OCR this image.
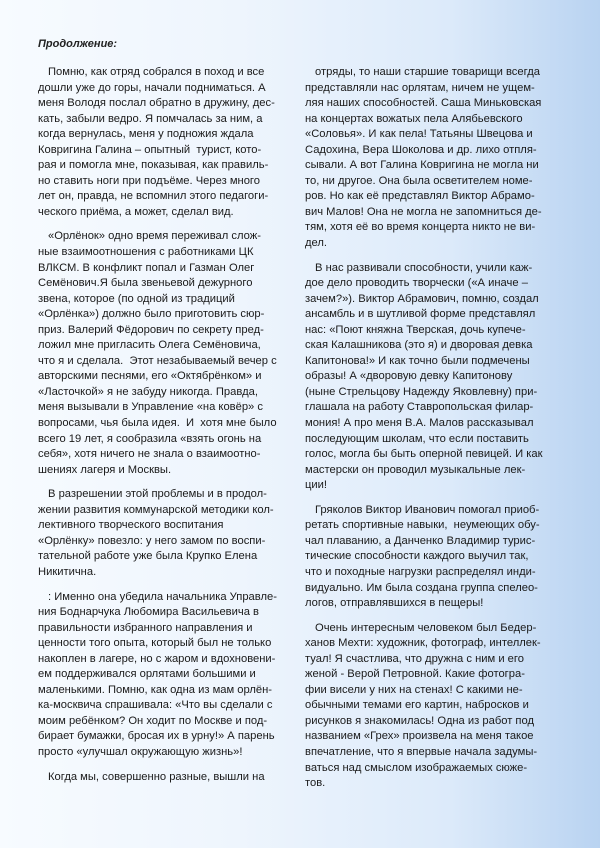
Продолжение:
Помню, как отряд собрался в поход и все
дошли уже до горы, начали подниматься. А
меня Володя послал обратно в дружину, дес-
кать, забыли ведро. Я помчалась за ним, а
когда вернулась, меня у подножия ждала
Ковригина Галина – опытный  турист, кото-
рая и помогла мне, показывая, как правиль-
но ставить ноги при подъёме. Через много
лет он, правда, не вспомнил этого педагоги-
ческого приёма, а может, сделал вид.
«Орлёнок» одно время переживал слож-
ные взаимоотношения с работниками ЦК
ВЛКСМ. В конфликт попал и Газман Олег
Семёнович.Я была звеньевой дежурного
звена, которое (по одной из традиций
«Орлёнка») должно было приготовить сюр-
приз. Валерий Фёдорович по секрету пред-
ложил мне пригласить Олега Семёновича,
что я и сделала.  Этот незабываемый вечер с
авторскими песнями, его «Октябрёнком» и
«Ласточкой» я не забуду никогда. Правда,
меня вызывали в Управление «на ковёр» с
вопросами, чья была идея.  И  хотя мне было
всего 19 лет, я сообразила «взять огонь на
себя», хотя ничего не знала о взаимоотно-
шениях лагеря и Москвы.
В разрешении этой проблемы и в продол-
жении развития коммунарской методики кол-
лективного творческого воспитания
«Орлёнку» повезло: у него замом по воспи-
тательной работе уже была Крупко Елена
Никитична.
: Именно она убедила начальника Управле-
ния Боднарчука Любомира Васильевича в
правильности избранного направления и
ценности того опыта, который был не только
накоплен в лагере, но с жаром и вдохновени-
ем поддерживался орлятами большими и
маленькими. Помню, как одна из мам орлён-
ка-москвича спрашивала: «Что вы сделали с
моим ребёнком? Он ходит по Москве и под-
бирает бумажки, бросая их в урну!» А парень
просто «улучшал окружающую жизнь»!
Когда мы, совершенно разные, вышли на
отряды, то наши старшие товарищи всегда
представляли нас орлятам, ничем не ущем-
ляя наших способностей. Саша Миньковская
на концертах вожатых пела Алябьевского
«Соловья». И как пела! Татьяны Швецова и
Садохина, Вера Шоколова и др. лихо отпля-
сывали. А вот Галина Ковригина не могла ни
то, ни другое. Она была осветителем номе-
ров. Но как её представлял Виктор Абрамо-
вич Малов! Она не могла не запомниться де-
тям, хотя её во время концерта никто не ви-
дел.
В нас развивали способности, учили каж-
дое дело проводить творчески («А иначе –
зачем?»). Виктор Абрамович, помню, создал
ансамбль и в шутливой форме представлял
нас: «Поют княжна Тверская, дочь купече-
ская Калашникова (это я) и дворовая девка
Капитонова!» И как точно были подмечены
образы! А «дворовую девку Капитонову
(ныне Стрельцову Надежду Яковлевну) при-
глашала на работу Ставропольская филар-
мония! А про меня В.А. Малов рассказывал
последующим школам, что если поставить
голос, могла бы быть оперной певицей. И как
мастерски он проводил музыкальные лек-
ции!
Гряколов Виктор Иванович помогал приоб-
ретать спортивные навыки,  неумеющих обу-
чал плаванию, а Данченко Владимир турис-
тические способности каждого выучил так,
что и походные нагрузки распределял инди-
видуально. Им была создана группа спелео-
логов, отправлявшихся в пещеры!
Очень интересным человеком был Бедер-
ханов Мехти: художник, фотограф, интеллек-
туал! Я счастлива, что дружна с ним и его
женой - Верой Петровной. Какие фотогра-
фии висели у них на стенах! С какими не-
обычными темами его картин, набросков и
рисунков я знакомилась! Одна из работ под
названием «Грех» произвела на меня такое
впечатление, что я впервые начала задумы-
ваться над смыслом изображаемых сюже-
тов.
